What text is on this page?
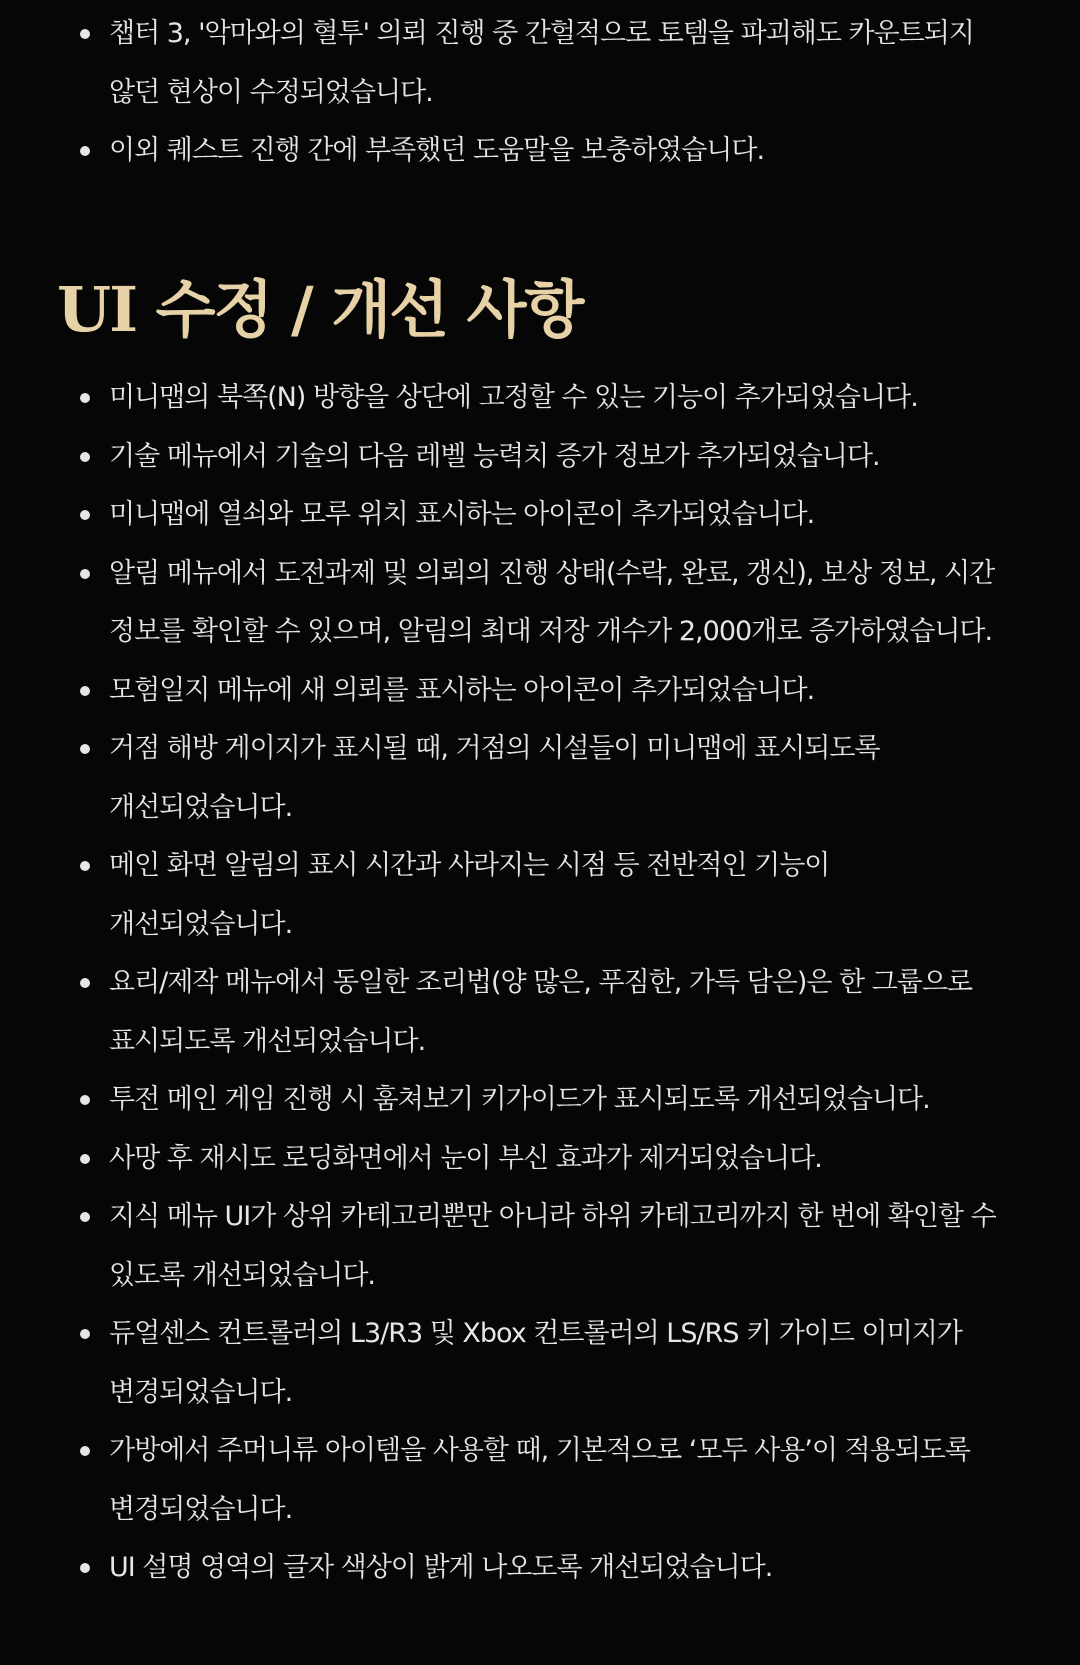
챕터 3, '악마와의 혈투' 의뢰 진행 중 간헐적으로 토템을 파괴해도 카운트되지 않던 현상이 수정되었습니다.
이외 퀘스트 진행 간에 부족했던 도움말을 보충하였습니다.
UI 수정 / 개선 사항
미니맵의 북쪽(N) 방향을 상단에 고정할 수 있는 기능이 추가되었습니다.
기술 메뉴에서 기술의 다음 레벨 능력치 증가 정보가 추가되었습니다.
미니맵에 열쇠와 모루 위치 표시하는 아이콘이 추가되었습니다.
알림 메뉴에서 도전과제 및 의뢰의 진행 상태(수락, 완료, 갱신), 보상 정보, 시간 정보를 확인할 수 있으며, 알림의 최대 저장 개수가 2,000개로 증가하였습니다.
모험일지 메뉴에 새 의뢰를 표시하는 아이콘이 추가되었습니다.
거점 해방 게이지가 표시될 때, 거점의 시설들이 미니맵에 표시되도록 개선되었습니다.
메인 화면 알림의 표시 시간과 사라지는 시점 등 전반적인 기능이 개선되었습니다.
요리/제작 메뉴에서 동일한 조리법(양 많은, 푸짐한, 가득 담은)은 한 그룹으로 표시되도록 개선되었습니다.
투전 메인 게임 진행 시 훔쳐보기 키가이드가 표시되도록 개선되었습니다.
사망 후 재시도 로딩화면에서 눈이 부신 효과가 제거되었습니다.
지식 메뉴 UI가 상위 카테고리뿐만 아니라 하위 카테고리까지 한 번에 확인할 수 있도록 개선되었습니다.
듀얼센스 컨트롤러의 L3/R3 및 Xbox 컨트롤러의 LS/RS 키 가이드 이미지가 변경되었습니다.
가방에서 주머니류 아이템을 사용할 때, 기본적으로 ‘모두 사용’이 적용되도록 변경되었습니다.
UI 설명 영역의 글자 색상이 밝게 나오도록 개선되었습니다.
